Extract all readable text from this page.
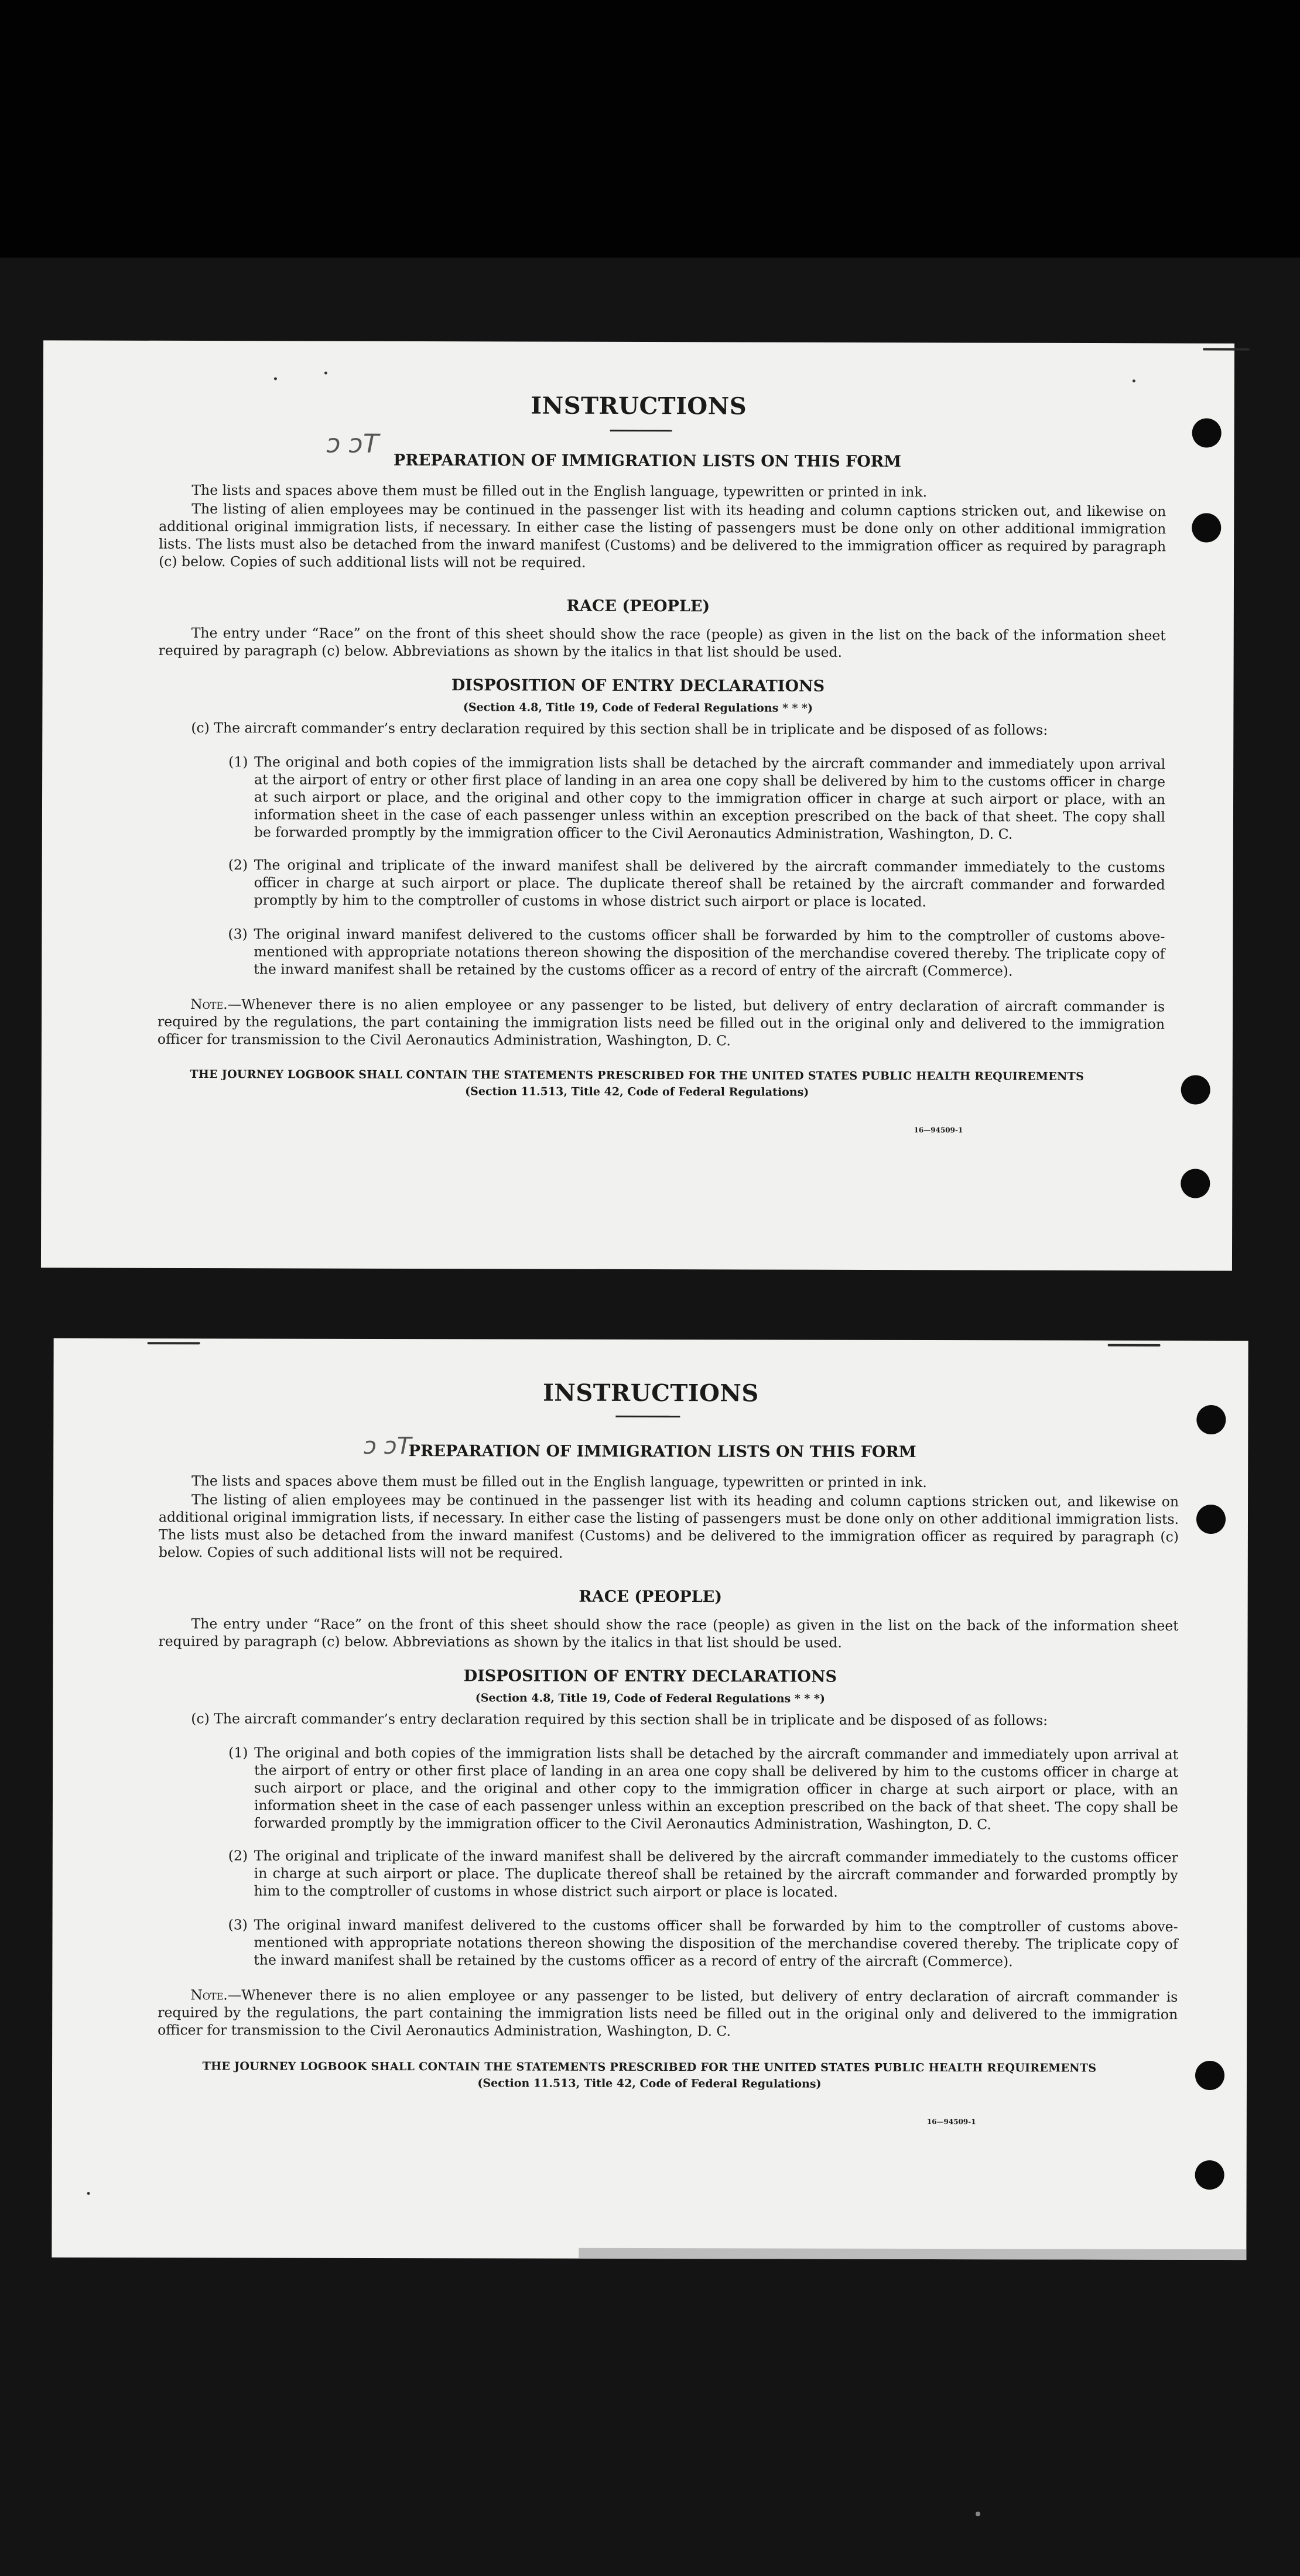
ᴐ ᴐT
INSTRUCTIONS
PREPARATION OF IMMIGRATION LISTS ON THIS FORM
The lists and spaces above them must be filled out in the English language, typewritten or printed in ink.
The listing of alien employees may be continued in the passenger list with its heading and column captions stricken out, and likewise on additional original immigration lists, if necessary. In either case the listing of passengers must be done only on other additional immigration lists. The lists must also be detached from the inward manifest (Customs) and be delivered to the immigration officer as required by paragraph (c) below. Copies of such additional lists will not be required.
RACE (PEOPLE)
The entry under “Race” on the front of this sheet should show the race (people) as given in the list on the back of the information sheet required by paragraph (c) below. Abbreviations as shown by the italics in that list should be used.
DISPOSITION OF ENTRY DECLARATIONS
(Section 4.8, Title 19, Code of Federal Regulations * * *)
(c) The aircraft commander’s entry declaration required by this section shall be in triplicate and be disposed of as follows:
(1) The original and both copies of the immigration lists shall be detached by the aircraft commander and immediately upon arrival at the airport of entry or other first place of landing in an area one copy shall be delivered by him to the customs officer in charge at such airport or place, and the original and other copy to the immigration officer in charge at such airport or place, with an information sheet in the case of each passenger unless within an exception prescribed on the back of that sheet. The copy shall be forwarded promptly by the immigration officer to the Civil Aeronautics Administration, Washington, D. C.
(2) The original and triplicate of the inward manifest shall be delivered by the aircraft commander immediately to the customs officer in charge at such airport or place. The duplicate thereof shall be retained by the aircraft commander and forwarded promptly by him to the comptroller of customs in whose district such airport or place is located.
(3) The original inward manifest delivered to the customs officer shall be forwarded by him to the comptroller of customs above-mentioned with appropriate notations thereon showing the disposition of the merchandise covered thereby. The triplicate copy of the inward manifest shall be retained by the customs officer as a record of entry of the aircraft (Commerce).
Note.—Whenever there is no alien employee or any passenger to be listed, but delivery of entry declaration of aircraft commander is required by the regulations, the part containing the immigration lists need be filled out in the original only and delivered to the immigration officer for transmission to the Civil Aeronautics Administration, Washington, D. C.
THE JOURNEY LOGBOOK SHALL CONTAIN THE STATEMENTS PRESCRIBED FOR THE UNITED STATES PUBLIC HEALTH REQUIREMENTS
(Section 11.513, Title 42, Code of Federal Regulations)
16—94509-1
ᴐ ᴐT
INSTRUCTIONS
PREPARATION OF IMMIGRATION LISTS ON THIS FORM
The lists and spaces above them must be filled out in the English language, typewritten or printed in ink.
The listing of alien employees may be continued in the passenger list with its heading and column captions stricken out, and likewise on additional original immigration lists, if necessary. In either case the listing of passengers must be done only on other additional immigration lists. The lists must also be detached from the inward manifest (Customs) and be delivered to the immigration officer as required by paragraph (c) below. Copies of such additional lists will not be required.
RACE (PEOPLE)
The entry under “Race” on the front of this sheet should show the race (people) as given in the list on the back of the information sheet required by paragraph (c) below. Abbreviations as shown by the italics in that list should be used.
DISPOSITION OF ENTRY DECLARATIONS
(Section 4.8, Title 19, Code of Federal Regulations * * *)
(c) The aircraft commander’s entry declaration required by this section shall be in triplicate and be disposed of as follows:
(1) The original and both copies of the immigration lists shall be detached by the aircraft commander and immediately upon arrival at the airport of entry or other first place of landing in an area one copy shall be delivered by him to the customs officer in charge at such airport or place, and the original and other copy to the immigration officer in charge at such airport or place, with an information sheet in the case of each passenger unless within an exception prescribed on the back of that sheet. The copy shall be forwarded promptly by the immigration officer to the Civil Aeronautics Administration, Washington, D. C.
(2) The original and triplicate of the inward manifest shall be delivered by the aircraft commander immediately to the customs officer in charge at such airport or place. The duplicate thereof shall be retained by the aircraft commander and forwarded promptly by him to the comptroller of customs in whose district such airport or place is located.
(3) The original inward manifest delivered to the customs officer shall be forwarded by him to the comptroller of customs above-mentioned with appropriate notations thereon showing the disposition of the merchandise covered thereby. The triplicate copy of the inward manifest shall be retained by the customs officer as a record of entry of the aircraft (Commerce).
Note.—Whenever there is no alien employee or any passenger to be listed, but delivery of entry declaration of aircraft commander is required by the regulations, the part containing the immigration lists need be filled out in the original only and delivered to the immigration officer for transmission to the Civil Aeronautics Administration, Washington, D. C.
THE JOURNEY LOGBOOK SHALL CONTAIN THE STATEMENTS PRESCRIBED FOR THE UNITED STATES PUBLIC HEALTH REQUIREMENTS
(Section 11.513, Title 42, Code of Federal Regulations)
16—94509-1
